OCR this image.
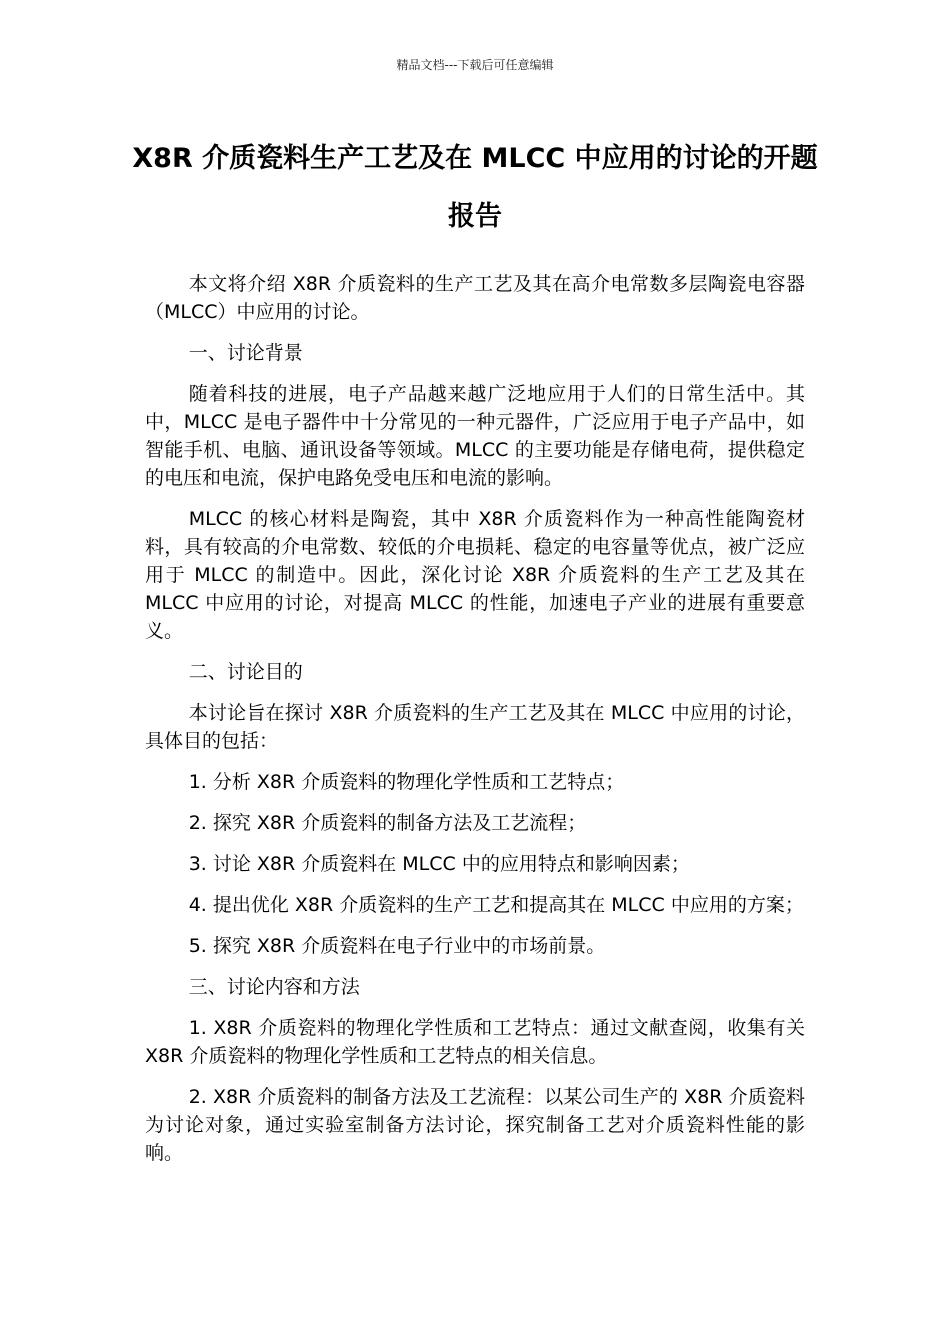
精品文档---下载后可任意编辑
X8R 介质瓷料生产工艺及在 MLCC 中应用的讨论的开题报告

本文将介绍 X8R 介质瓷料的生产工艺及其在高介电常数多层陶瓷电容器（MLCC）中应用的讨论。

一、讨论背景

随着科技的进展，电子产品越来越广泛地应用于人们的日常生活中。其中，MLCC 是电子器件中十分常见的一种元器件，广泛应用于电子产品中，如智能手机、电脑、通讯设备等领域。MLCC 的主要功能是存储电荷，提供稳定的电压和电流，保护电路免受电压和电流的影响。

MLCC 的核心材料是陶瓷，其中 X8R 介质瓷料作为一种高性能陶瓷材料，具有较高的介电常数、较低的介电损耗、稳定的电容量等优点，被广泛应用于 MLCC 的制造中。因此，深化讨论 X8R 介质瓷料的生产工艺及其在 MLCC 中应用的讨论，对提高 MLCC 的性能，加速电子产业的进展有重要意义。

二、讨论目的

本讨论旨在探讨 X8R 介质瓷料的生产工艺及其在 MLCC 中应用的讨论，具体目的包括：

1. 分析 X8R 介质瓷料的物理化学性质和工艺特点；

2. 探究 X8R 介质瓷料的制备方法及工艺流程；

3. 讨论 X8R 介质瓷料在 MLCC 中的应用特点和影响因素；

4. 提出优化 X8R 介质瓷料的生产工艺和提高其在 MLCC 中应用的方案；

5. 探究 X8R 介质瓷料在电子行业中的市场前景。

三、讨论内容和方法

1. X8R 介质瓷料的物理化学性质和工艺特点：通过文献查阅，收集有关 X8R 介质瓷料的物理化学性质和工艺特点的相关信息。

2. X8R 介质瓷料的制备方法及工艺流程：以某公司生产的 X8R 介质瓷料为讨论对象，通过实验室制备方法讨论，探究制备工艺对介质瓷料性能的影响。
